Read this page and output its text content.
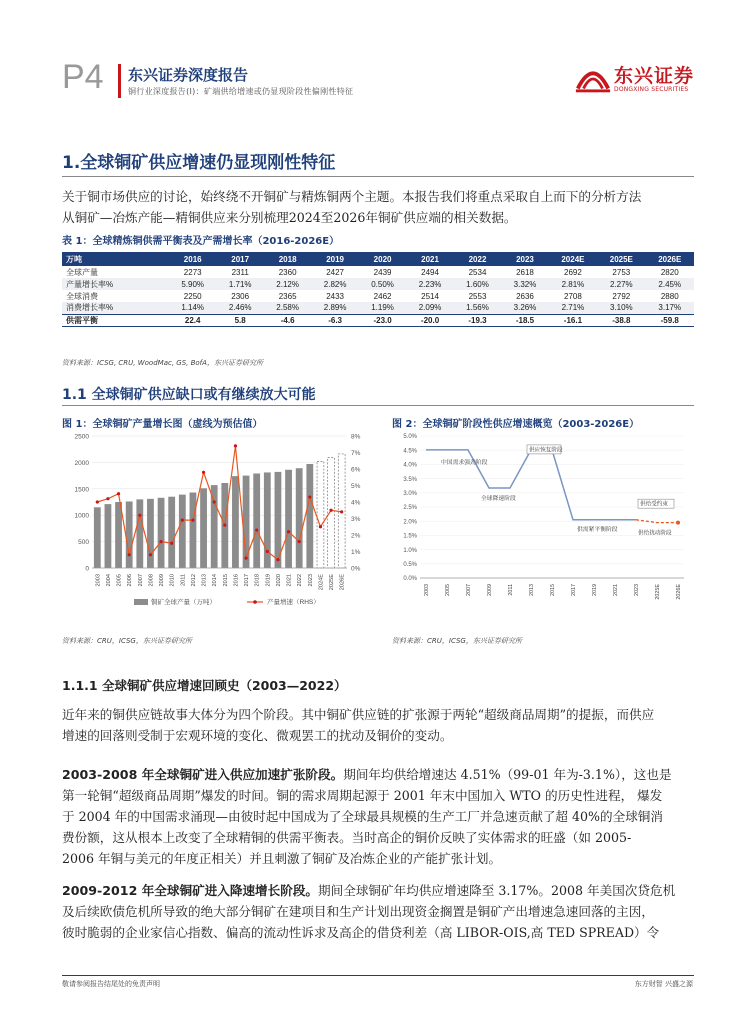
P4 东兴证券深度报告
铜行业深度报告(I)：矿端供给增速或仍显现阶段性偏刚性特征
东兴证券
DONGXING SECURITIES
1.全球铜矿供应增速仍显现刚性特征
关于铜市场供应的讨论，始终绕不开铜矿与精炼铜两个主题。本报告我们将重点采取自上而下的分析方法
从铜矿—冶炼产能—精铜供应来分别梳理2024至2026年铜矿供应端的相关数据。
表 1：全球精炼铜供需平衡表及产需增长率（2016-2026E）
万吨	2016	2017	2018	2019	2020	2021	2022	2023	2024E	2025E	2026E
全球产量	2273	2311	2360	2427	2439	2494	2534	2618	2692	2753	2820
产量增长率%	5.90%	1.71%	2.12%	2.82%	0.50%	2.23%	1.60%	3.32%	2.81%	2.27%	2.45%
全球消费	2250	2306	2365	2433	2462	2514	2553	2636	2708	2792	2880
消费增长率%	1.14%	2.46%	2.58%	2.89%	1.19%	2.09%	1.56%	3.26%	2.71%	3.10%	3.17%
供需平衡	22.4	5.8	-4.6	-6.3	-23.0	-20.0	-19.3	-18.5	-16.1	-38.8	-59.8
资料来源：ICSG, CRU, WoodMac, GS, BofA，东兴证券研究所
1.1 全球铜矿供应缺口或有继续放大可能
图 1：全球铜矿产量增长图（虚线为预估值）
0
500
1000
1500
2000
2500
0%
1%
2%
3%
4%
5%
6%
7%
8%
2003 2004 2005 2006 2007 2008 2009 2010 2011 2012 2013 2014 2015 2016 2017 2018 2019 2020 2021 2022 2023 2024E 2025E 2026E
铜矿全球产量（万吨）	产量增速（RHS）
资料来源：CRU，ICSG，东兴证券研究所
图 2：全球铜矿阶段性供应增速概览（2003-2026E）
0.0%
0.5%
1.0%
1.5%
2.0%
2.5%
3.0%
3.5%
4.0%
4.5%
5.0%
2003	2005	2007	2009	2011	2013	2015	2017	2019	2021	2023	2025E	2026E
中国需求强劲阶段
全球降速阶段
供应恢复阶段
供需紧平衡阶段
供给受约束
供给扰动阶段
资料来源：CRU，ICSG，东兴证券研究所
1.1.1 全球铜矿供应增速回顾史（2003—2022）
近年来的铜供应链故事大体分为四个阶段。其中铜矿供应链的扩张源于两轮“超级商品周期”的提振，而供应
增速的回落则受制于宏观环境的变化、微观罢工的扰动及铜价的变动。
2003-2008 年全球铜矿进入供应加速扩张阶段。期间年均供给增速达 4.51%（99-01 年为-3.1%），这也是
第一轮铜“超级商品周期”爆发的时间。铜的需求周期起源于 2001 年末中国加入 WTO 的历史性进程， 爆发
于 2004 年的中国需求涌现—由彼时起中国成为了全球最具规模的生产工厂并急速贡献了超 40%的全球铜消
费份额，这从根本上改变了全球精铜的供需平衡表。当时高企的铜价反映了实体需求的旺盛（如 2005-
2006 年铜与美元的年度正相关）并且刺激了铜矿及冶炼企业的产能扩张计划。
2009-2012 年全球铜矿进入降速增长阶段。期间全球铜矿年均供应增速降至 3.17%。2008 年美国次贷危机
及后续欧债危机所导致的绝大部分铜矿在建项目和生产计划出现资金搁置是铜矿产出增速急速回落的主因，
彼时脆弱的企业家信心指数、偏高的流动性诉求及高企的借贷利差（高 LIBOR-OIS,高 TED SPREAD）令
敬请参阅报告结尾处的免责声明	东方财智 兴盛之源
